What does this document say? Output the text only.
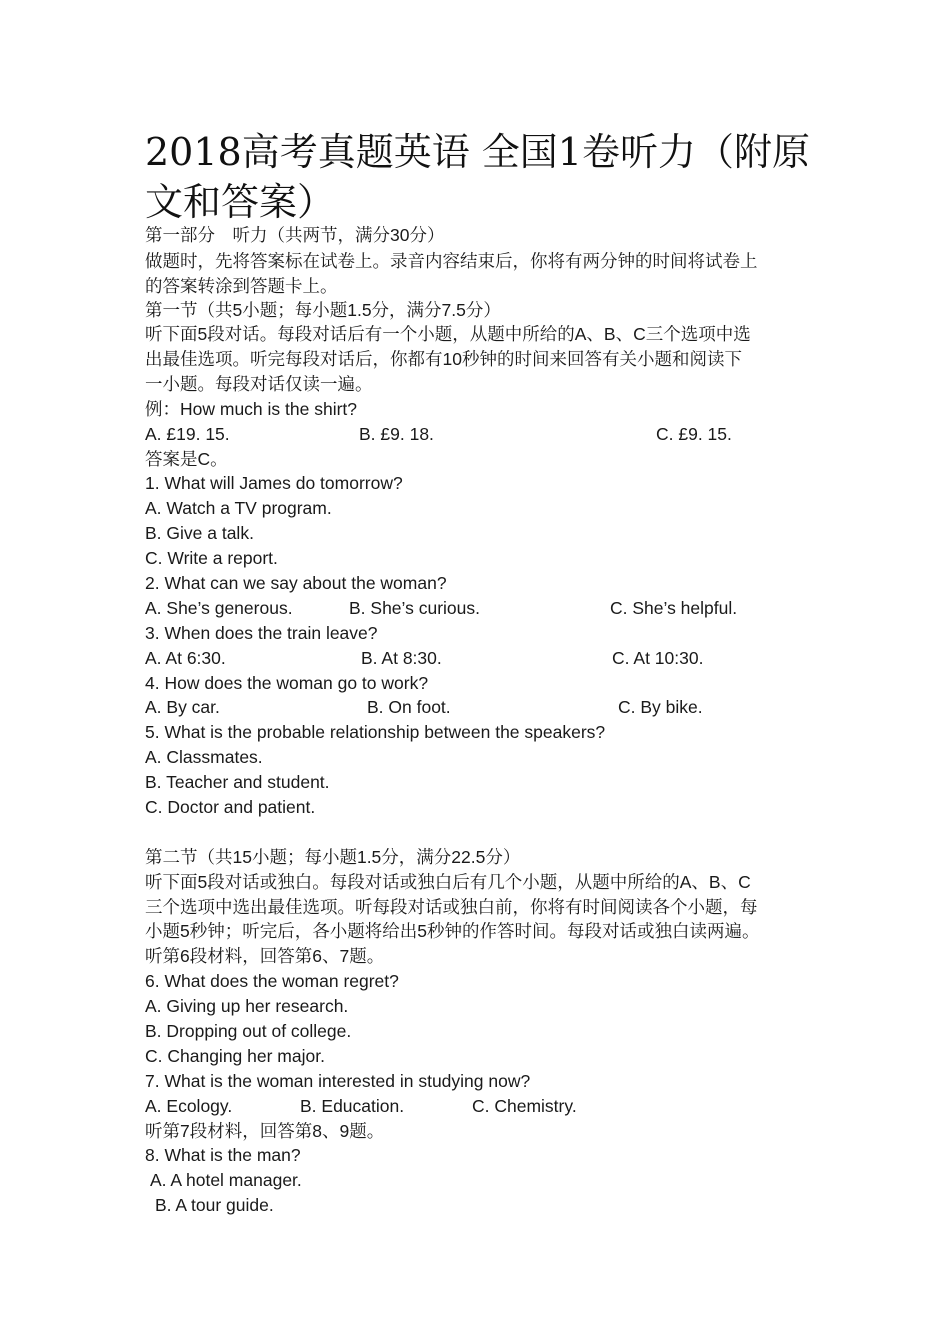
2018高考真题英语 全国1卷听力（附原文和答案）
第一部分　听力（共两节，满分30分）
做题时，先将答案标在试卷上。录音内容结束后，你将有两分钟的时间将试卷上
的答案转涂到答题卡上。
第一节（共5小题；每小题1.5分，满分7.5分）
听下面5段对话。每段对话后有一个小题，从题中所给的A、B、C三个选项中选
出最佳选项。听完每段对话后，你都有10秒钟的时间来回答有关小题和阅读下
一小题。每段对话仅读一遍。
例：How much is the shirt?
A. £19. 15.	B. £9. 18.	C. £9. 15.
答案是C。
1. What will James do tomorrow?
A. Watch a TV program.
B. Give a talk.
C. Write a report.
2. What can we say about the woman?
A. She’s generous.	B. She’s curious.	C. She’s helpful.
3. When does the train leave?
A. At 6:30.	B. At 8:30.	C. At 10:30.
4. How does the woman go to work?
A. By car.	B. On foot.	C. By bike.
5. What is the probable relationship between the speakers?
A. Classmates.
B. Teacher and student.
C. Doctor and patient.
第二节（共15小题；每小题1.5分，满分22.5分）
听下面5段对话或独白。每段对话或独白后有几个小题，从题中所给的A、B、C
三个选项中选出最佳选项。听每段对话或独白前，你将有时间阅读各个小题，每
小题5秒钟；听完后，各小题将给出5秒钟的作答时间。每段对话或独白读两遍。
听第6段材料，回答第6、7题。
6. What does the woman regret?
A. Giving up her research.
B. Dropping out of college.
C. Changing her major.
7. What is the woman interested in studying now?
A. Ecology.	B. Education.	C. Chemistry.
听第7段材料，回答第8、9题。
8. What is the man?
A. A hotel manager.
B. A tour guide.
